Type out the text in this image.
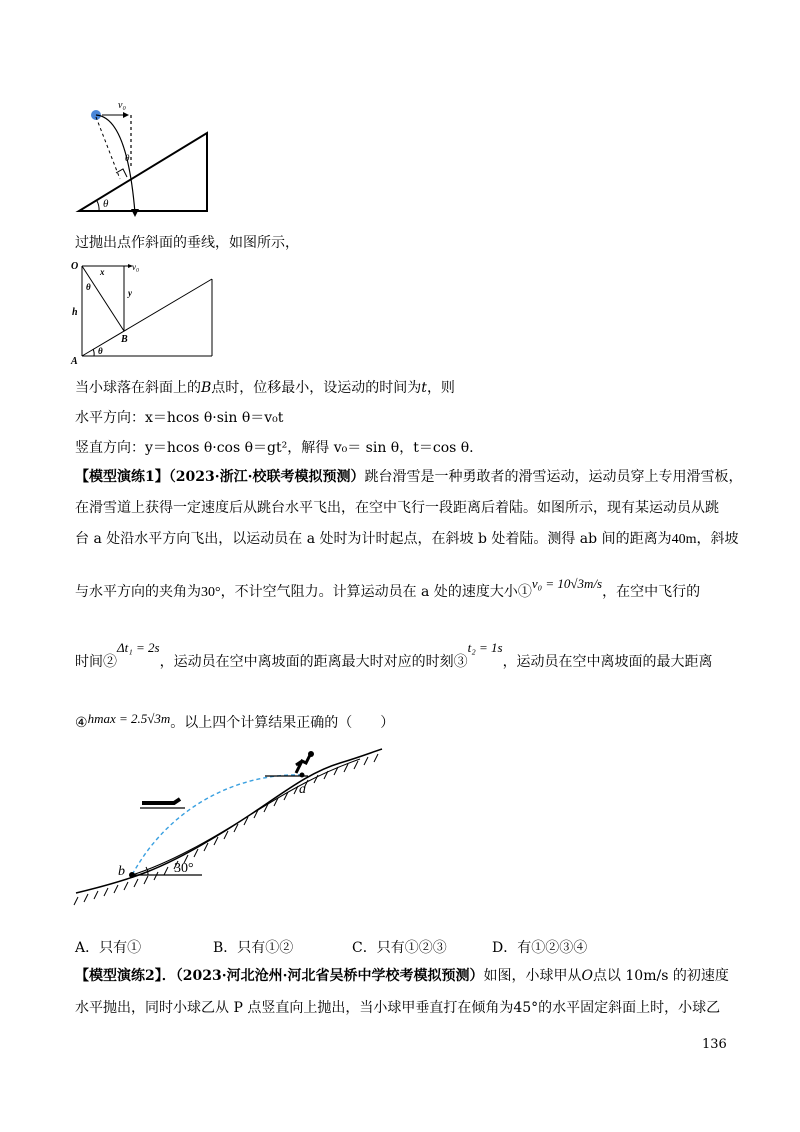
v₀
θ
θ
过抛出点作斜面的垂线，如图所示，
O	v₀
x
y
θ
h
B
A
θ
当小球落在斜面上的B点时，位移最小，设运动的时间为t，则
水平方向：x＝hcos θ·sin θ＝v₀t
竖直方向：y＝hcos θ·cos θ＝gt²，解得 v₀＝ sin θ，t＝cos θ.
【模型演练1】（2023·浙江·校联考模拟预测）跳台滑雪是一种勇敢者的滑雪运动，运动员穿上专用滑雪板，
在滑雪道上获得一定速度后从跳台水平飞出，在空中飞行一段距离后着陆。如图所示，现有某运动员从跳
台 a 处沿水平方向飞出，以运动员在 a 处时为计时起点，在斜坡 b 处着陆。测得 ab 间的距离为40m，斜坡
与水平方向的夹角为30°，不计空气阻力。计算运动员在 a 处的速度大小①v₀ = 10√3m/s，在空中飞行的
时间②Δt₁ = 2s，运动员在空中离坡面的距离最大时对应的时刻③t₂ = 1s，运动员在空中离坡面的最大距离
④hmax = 2.5√3m。以上四个计算结果正确的（　　）
a
b	30°
A．只有①	B．只有①②	C．只有①②③	D．有①②③④
【模型演练2】．（2023·河北沧州·河北省吴桥中学校考模拟预测）如图，小球甲从O点以 10m/s 的初速度
水平抛出，同时小球乙从 P 点竖直向上抛出，当小球甲垂直打在倾角为45°的水平固定斜面上时，小球乙
136
